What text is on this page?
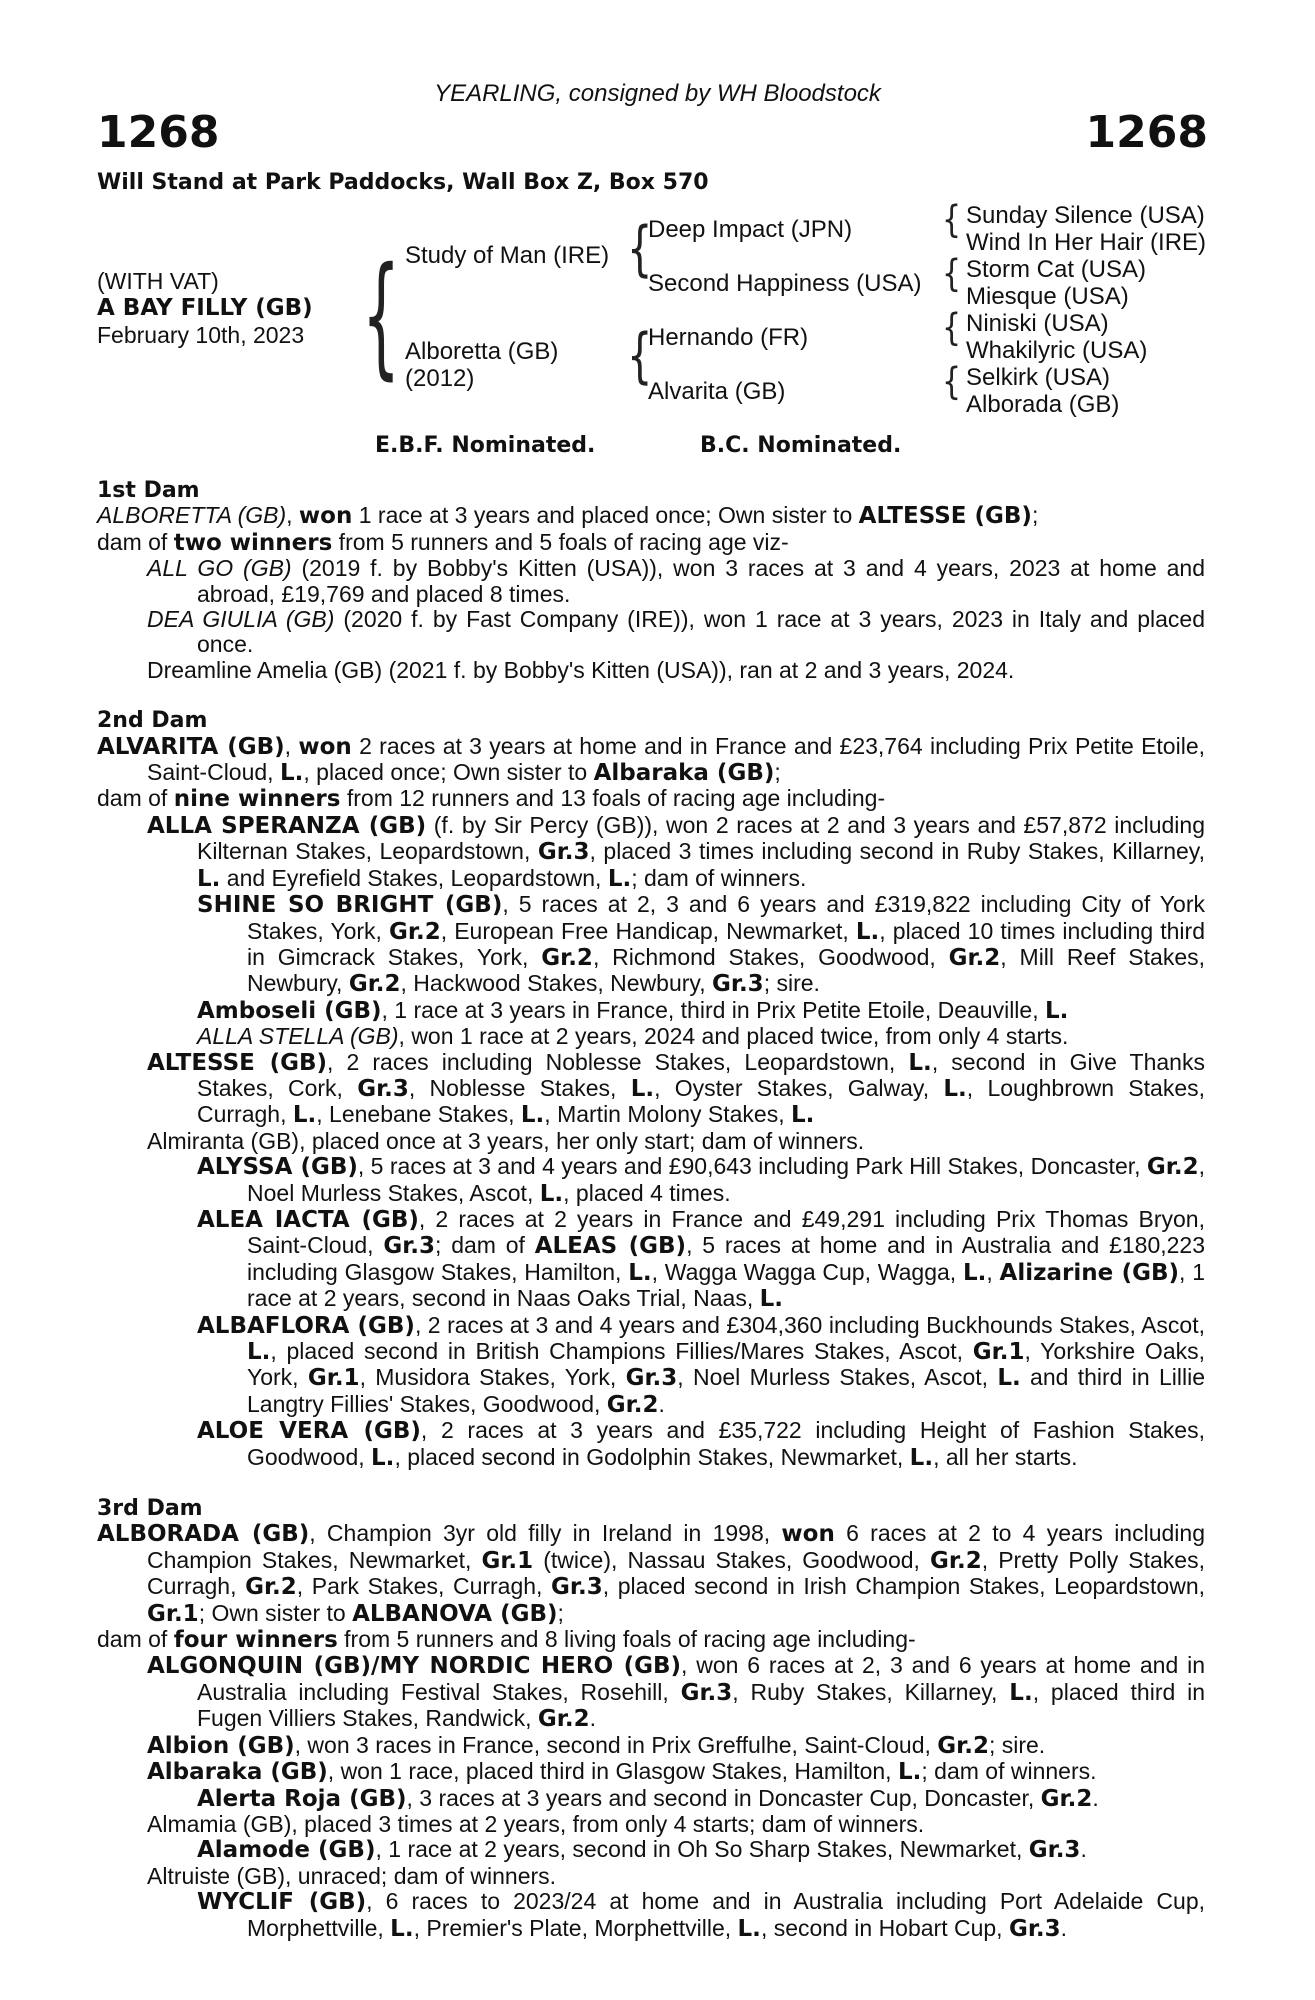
YEARLING, consigned by WH Bloodstock
1268	1268
Will Stand at Park Paddocks, Wall Box Z, Box 570
(WITH VAT)
A BAY FILLY (GB)
February 10th, 2023 { Study of Man (IRE)
Alboretta (GB)
(2012)
{
{
Deep Impact (JPN)
Second Happiness (USA)
Hernando (FR)
Alvarita (GB)
{
{
{
{
Sunday Silence (USA)
Wind In Her Hair (IRE)
Storm Cat (USA)
Miesque (USA)
Niniski (USA)
Whakilyric (USA)
Selkirk (USA)
Alborada (GB)
E.B.F. Nominated.	B.C. Nominated.
1st Dam

ALBORETTA (GB), won 1 race at 3 years and placed once; Own sister to ALTESSE (GB);

dam of two winners from 5 runners and 5 foals of racing age viz-

ALL GO (GB) (2019 f. by Bobby's Kitten (USA)), won 3 races at 3 and 4 years, 2023 at home and abroad, £19,769 and placed 8 times.

DEA GIULIA (GB) (2020 f. by Fast Company (IRE)), won 1 race at 3 years, 2023 in Italy and placed once.

Dreamline Amelia (GB) (2021 f. by Bobby's Kitten (USA)), ran at 2 and 3 years, 2024.

2nd Dam

ALVARITA (GB), won 2 races at 3 years at home and in France and £23,764 including Prix Petite Etoile, Saint-Cloud, L., placed once; Own sister to Albaraka (GB);

dam of nine winners from 12 runners and 13 foals of racing age including-

ALLA SPERANZA (GB) (f. by Sir Percy (GB)), won 2 races at 2 and 3 years and £57,872 including Kilternan Stakes, Leopardstown, Gr.3, placed 3 times including second in Ruby Stakes, Killarney, L. and Eyrefield Stakes, Leopardstown, L.; dam of winners.

SHINE SO BRIGHT (GB), 5 races at 2, 3 and 6 years and £319,822 including City of York Stakes, York, Gr.2, European Free Handicap, Newmarket, L., placed 10 times including third in Gimcrack Stakes, York, Gr.2, Richmond Stakes, Goodwood, Gr.2, Mill Reef Stakes, Newbury, Gr.2, Hackwood Stakes, Newbury, Gr.3; sire.

Amboseli (GB), 1 race at 3 years in France, third in Prix Petite Etoile, Deauville, L.

ALLA STELLA (GB), won 1 race at 2 years, 2024 and placed twice, from only 4 starts.

ALTESSE (GB), 2 races including Noblesse Stakes, Leopardstown, L., second in Give Thanks Stakes, Cork, Gr.3, Noblesse Stakes, L., Oyster Stakes, Galway, L., Loughbrown Stakes, Curragh, L., Lenebane Stakes, L., Martin Molony Stakes, L.

Almiranta (GB), placed once at 3 years, her only start; dam of winners.

ALYSSA (GB), 5 races at 3 and 4 years and £90,643 including Park Hill Stakes, Doncaster, Gr.2, Noel Murless Stakes, Ascot, L., placed 4 times.

ALEA IACTA (GB), 2 races at 2 years in France and £49,291 including Prix Thomas Bryon, Saint-Cloud, Gr.3; dam of ALEAS (GB), 5 races at home and in Australia and £180,223 including Glasgow Stakes, Hamilton, L., Wagga Wagga Cup, Wagga, L., Alizarine (GB), 1 race at 2 years, second in Naas Oaks Trial, Naas, L.

ALBAFLORA (GB), 2 races at 3 and 4 years and £304,360 including Buckhounds Stakes, Ascot, L., placed second in British Champions Fillies/Mares Stakes, Ascot, Gr.1, Yorkshire Oaks, York, Gr.1, Musidora Stakes, York, Gr.3, Noel Murless Stakes, Ascot, L. and third in Lillie Langtry Fillies' Stakes, Goodwood, Gr.2.

ALOE VERA (GB), 2 races at 3 years and £35,722 including Height of Fashion Stakes, Goodwood, L., placed second in Godolphin Stakes, Newmarket, L., all her starts.

3rd Dam

ALBORADA (GB), Champion 3yr old filly in Ireland in 1998, won 6 races at 2 to 4 years including Champion Stakes, Newmarket, Gr.1 (twice), Nassau Stakes, Goodwood, Gr.2, Pretty Polly Stakes, Curragh, Gr.2, Park Stakes, Curragh, Gr.3, placed second in Irish Champion Stakes, Leopardstown, Gr.1; Own sister to ALBANOVA (GB);

dam of four winners from 5 runners and 8 living foals of racing age including-

ALGONQUIN (GB)/MY NORDIC HERO (GB), won 6 races at 2, 3 and 6 years at home and in Australia including Festival Stakes, Rosehill, Gr.3, Ruby Stakes, Killarney, L., placed third in Fugen Villiers Stakes, Randwick, Gr.2.

Albion (GB), won 3 races in France, second in Prix Greffulhe, Saint-Cloud, Gr.2; sire.

Albaraka (GB), won 1 race, placed third in Glasgow Stakes, Hamilton, L.; dam of winners.

Alerta Roja (GB), 3 races at 3 years and second in Doncaster Cup, Doncaster, Gr.2.

Almamia (GB), placed 3 times at 2 years, from only 4 starts; dam of winners.

Alamode (GB), 1 race at 2 years, second in Oh So Sharp Stakes, Newmarket, Gr.3.

Altruiste (GB), unraced; dam of winners.

WYCLIF (GB), 6 races to 2023/24 at home and in Australia including Port Adelaide Cup, Morphettville, L., Premier's Plate, Morphettville, L., second in Hobart Cup, Gr.3.
